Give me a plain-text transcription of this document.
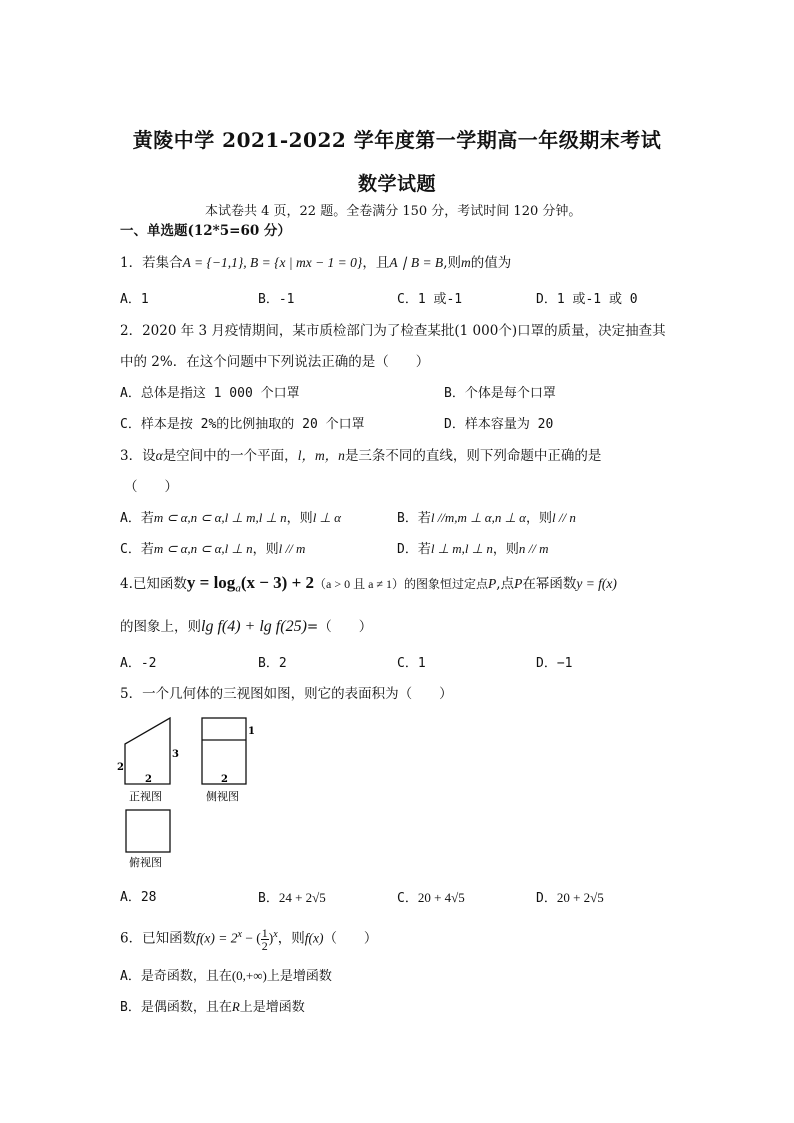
黄陵中学 2021-2022 学年度第一学期高一年级期末考试
数学试题
本试卷共 4 页，22 题。全卷满分 150 分，考试时间 120 分钟。
一、单选题(12*5=60 分）
1．若集合A = {−1,1}, B = {x | mx − 1 = 0}，且A ∣ B = B,则m的值为
A．1	B．-1	C．1 或-1	D．1 或-1 或 0
2．2020 年 3 月疫情期间，某市质检部门为了检查某批(1 000个)口罩的质量，决定抽查其
中的 2%．在这个问题中下列说法正确的是（　　）
A．总体是指这 1 000 个口罩	B．个体是每个口罩
C．样本是按 2%的比例抽取的 20 个口罩	D．样本容量为 20
3．设α是空间中的一个平面，l，m，n是三条不同的直线，则下列命题中正确的是
（　　）
A．若m ⊂ α,n ⊂ α,l ⊥ m,l ⊥ n，则l ⊥ α	B．若l //m,m ⊥ α,n ⊥ α，则l // n
C．若m ⊂ α,n ⊂ α,l ⊥ n，则l // m	D．若l ⊥ m,l ⊥ n，则n // m
4.已知函数$y = \log_a(x - 3) + 2(a > 0$ 且 a ≠ 1）的图象恒过定点P,点P在幂函数y = f(x)
的图象上，则lg f(4) + lg f(25)=（　　）
A．-2	B．2	C．1	D．−1
5．一个几何体的三视图如图，则它的表面积为（　　）
2
2
3
正视图
1
2
侧视图
俯视图
A．28	B．24 + 2√5	C．20 + 4√5	D．20 + 2√5
6．已知函数$f(x) = 2^x$ − ( $\frac{1}{2} )^x$，则f(x)（　　）
A．是奇函数，且在(0,+∞)上是增函数
B．是偶函数，且在R上是增函数
